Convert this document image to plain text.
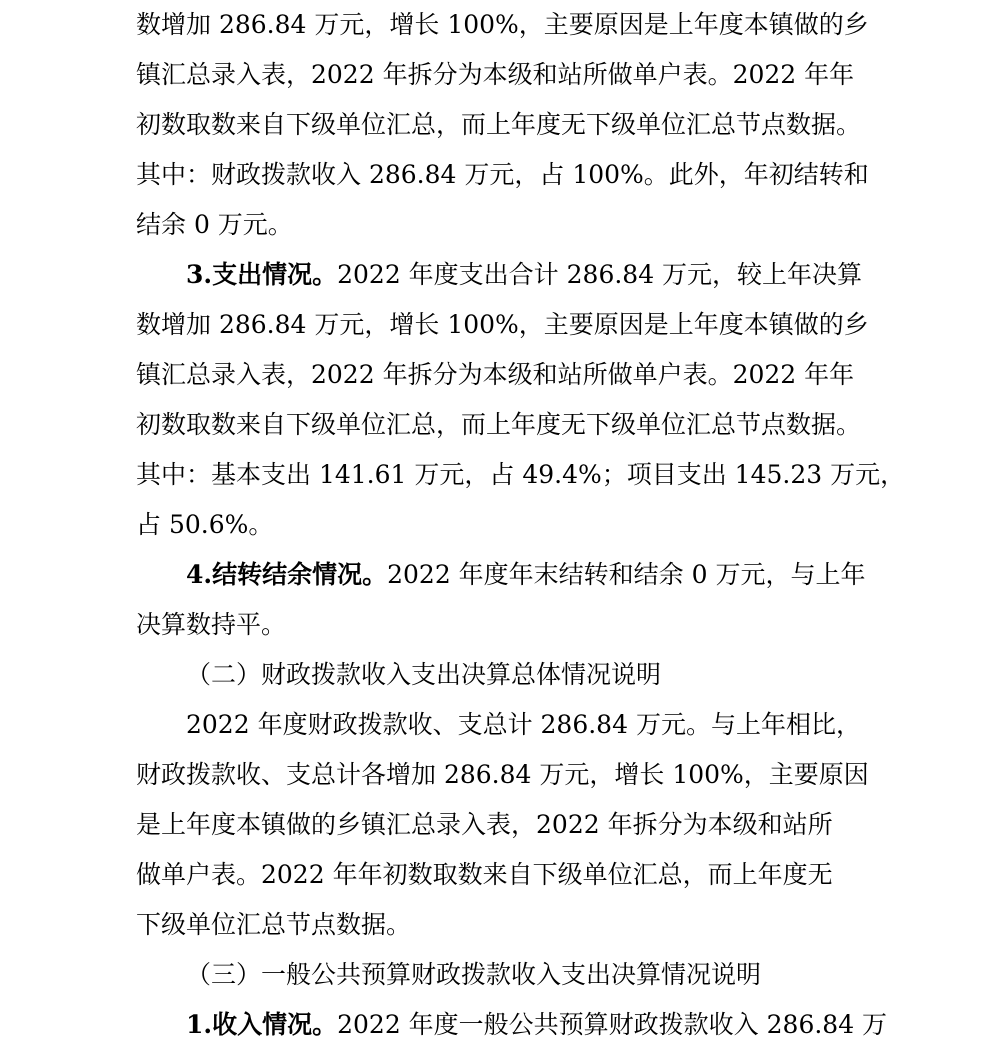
数增加 286.84 万元，增长 100%，主要原因是上年度本镇做的乡
镇汇总录入表，2022 年拆分为本级和站所做单户表。2022 年年
初数取数来自下级单位汇总，而上年度无下级单位汇总节点数据。
其中：财政拨款收入 286.84 万元，占 100%。此外，年初结转和
结余 0 万元。
3.支出情况。2022 年度支出合计 286.84 万元，较上年决算
数增加 286.84 万元，增长 100%，主要原因是上年度本镇做的乡
镇汇总录入表，2022 年拆分为本级和站所做单户表。2022 年年
初数取数来自下级单位汇总，而上年度无下级单位汇总节点数据。
其中：基本支出 141.61 万元，占 49.4%；项目支出 145.23 万元，
占 50.6%。
4.结转结余情况。2022 年度年末结转和结余 0 万元，与上年
决算数持平。
（二）财政拨款收入支出决算总体情况说明
2022 年度财政拨款收、支总计 286.84 万元。与上年相比，
财政拨款收、支总计各增加 286.84 万元，增长 100%，主要原因
是上年度本镇做的乡镇汇总录入表，2022 年拆分为本级和站所
做单户表。2022 年年初数取数来自下级单位汇总，而上年度无
下级单位汇总节点数据。
（三）一般公共预算财政拨款收入支出决算情况说明
1.收入情况。2022 年度一般公共预算财政拨款收入 286.84 万
